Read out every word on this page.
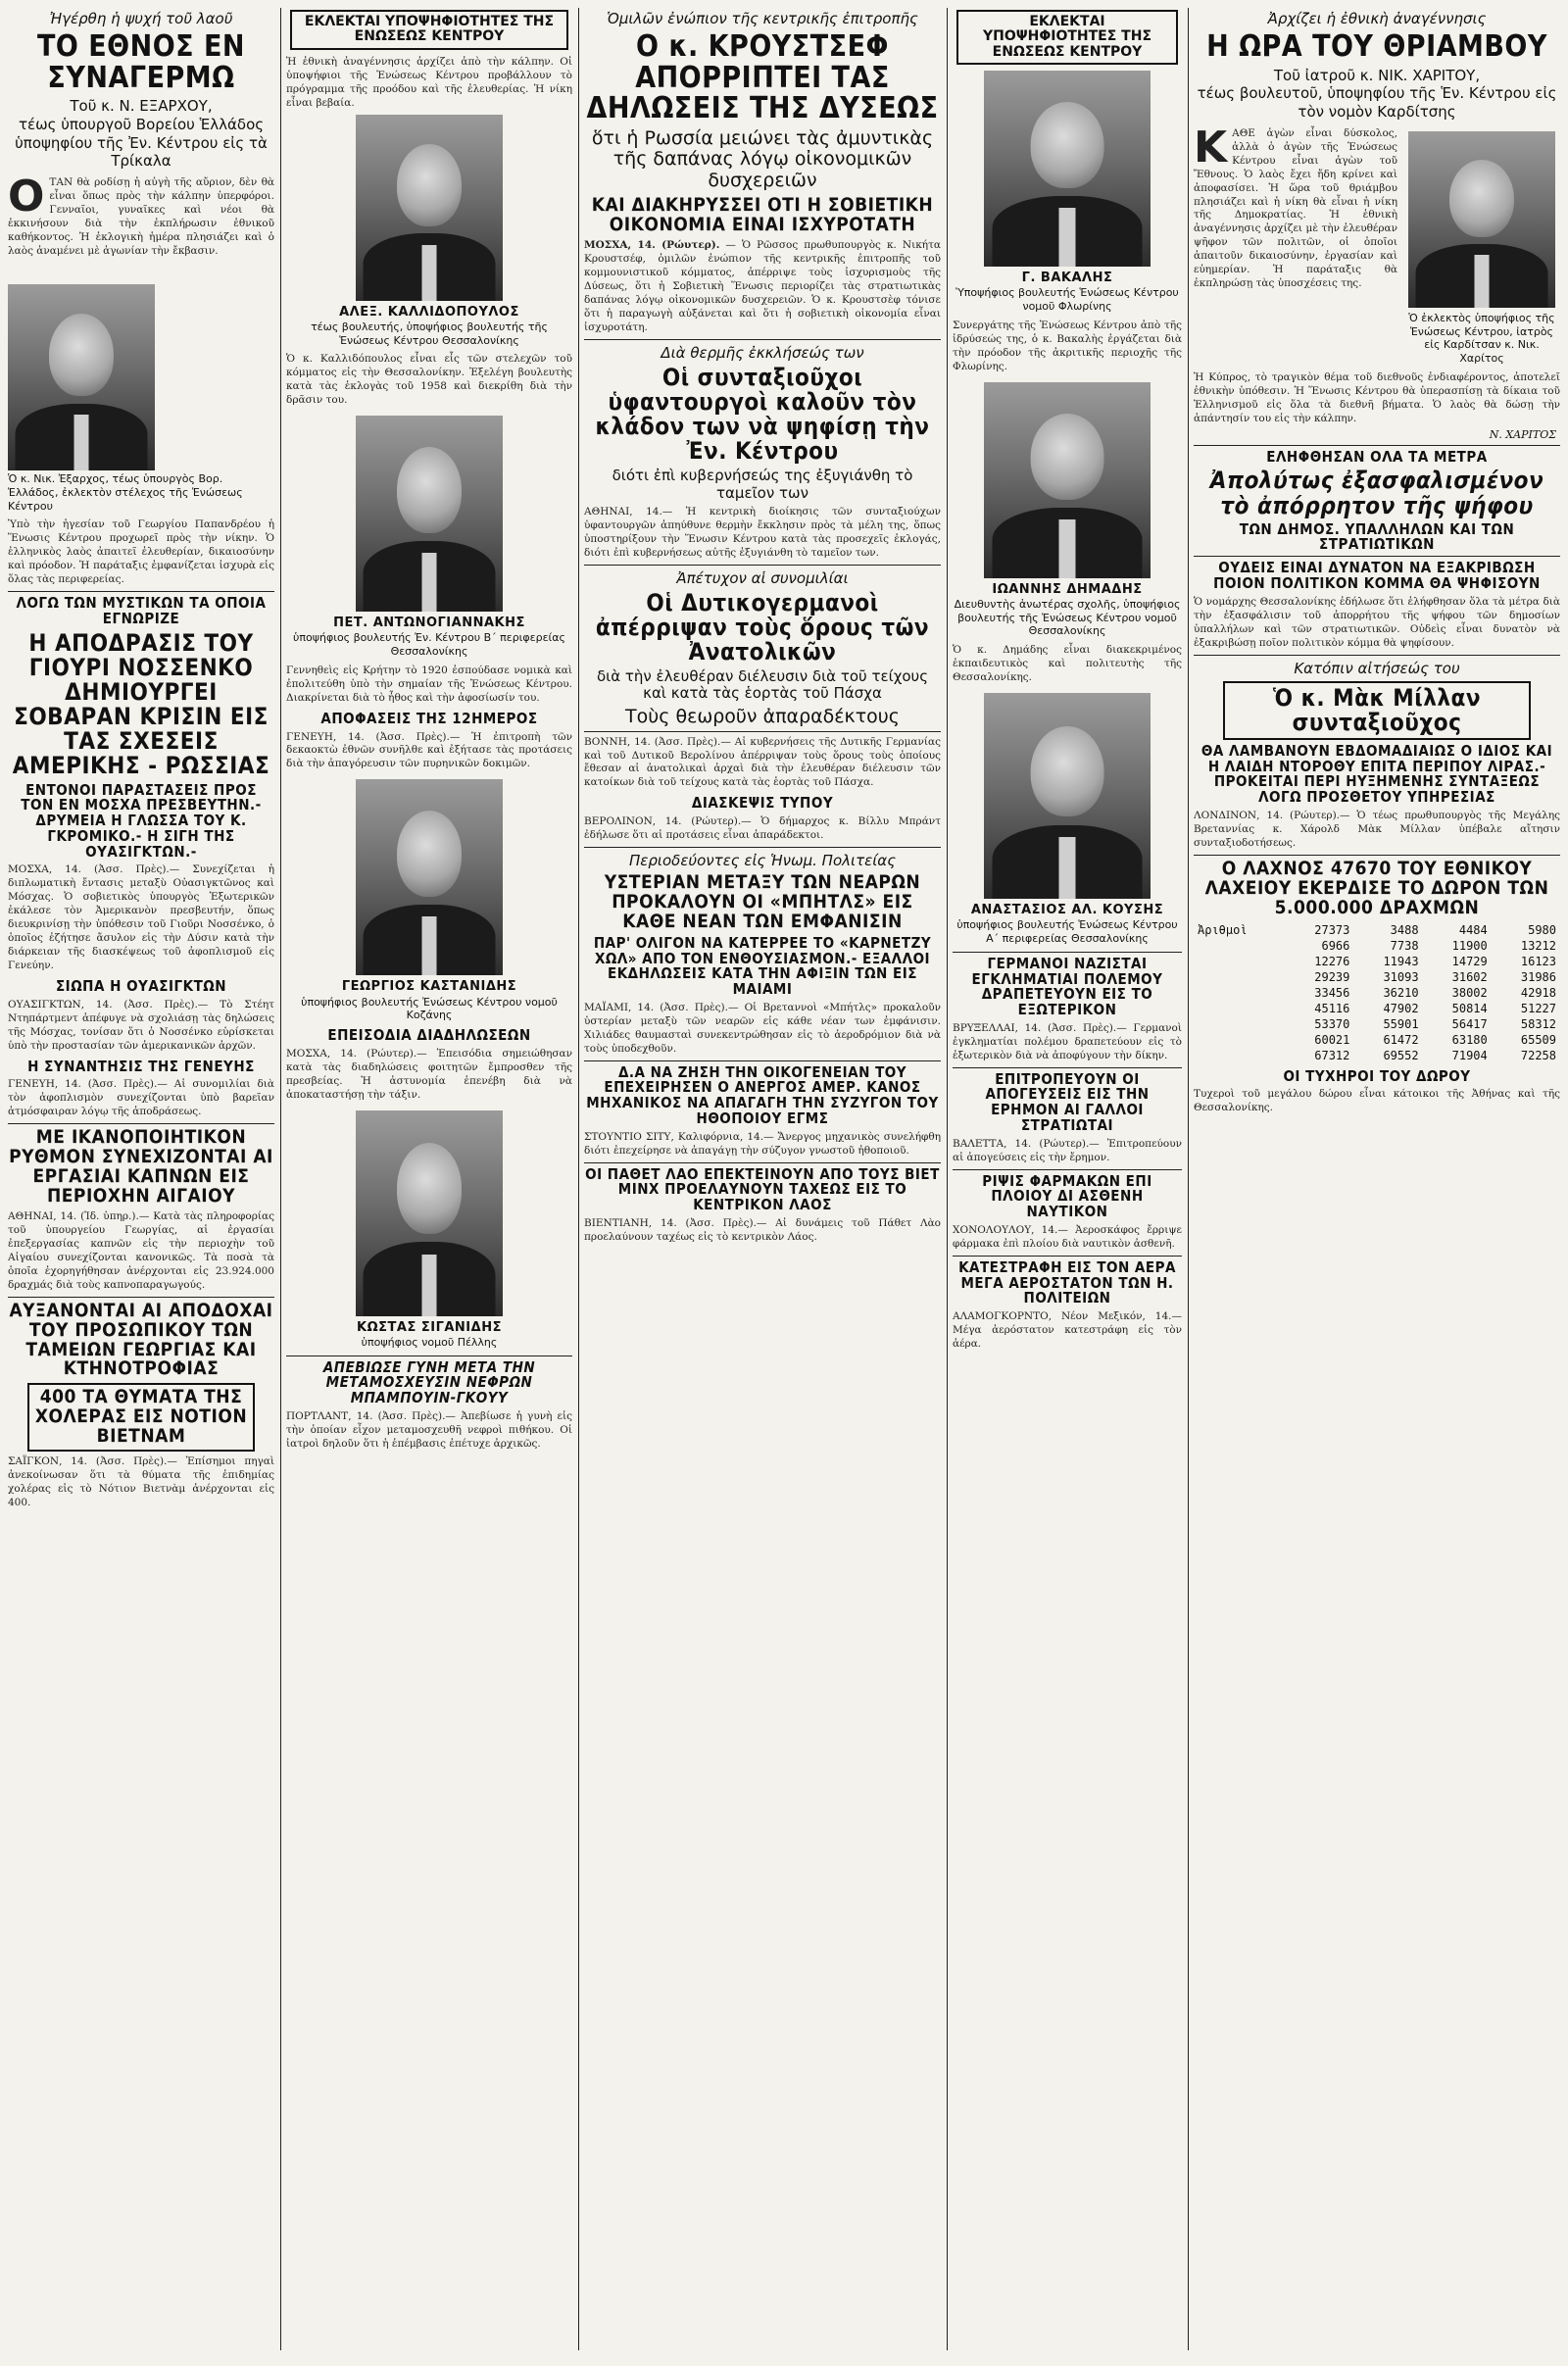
Ἠγέρθη ἡ ψυχή τοῦ λαοῦ
ΤΟ ΕΘΝΟΣ ΕΝ ΣΥΝΑΓΕΡΜΩ
Τοῦ κ. Ν. ΕΞΑΡΧΟΥ,
τέως ὑπουργοῦ Βορείου Ἑλλάδος
ὑποψηφίου τῆς Ἐν. Κέντρου εἰς τὰ Τρίκαλα

ΟΤΑΝ θὰ ροδίσῃ ἡ αὐγὴ τῆς αὔριον, δὲν θὰ εἶναι ὅπως πρὸς τὴν κάλπην ὑπερφόροι. Γενναῖοι, γυναῖκες καὶ νέοι θὰ ἐκκινήσουν διὰ τὴν ἐκπλήρωσιν ἐθνικοῦ καθήκοντος. Ἡ ἐκλογικὴ ἡμέρα πλησιάζει καὶ ὁ λαὸς ἀναμένει μὲ ἀγωνίαν τὴν ἔκβασιν.

Ὁ κ. Νικ. Ἐξαρχος, τέως ὑπουργὸς Βορ. Ἑλλάδος, ἐκλεκτὸν στέλεχος τῆς Ἑνώσεως Κέντρου

Ὑπὸ τὴν ἡγεσίαν τοῦ Γεωργίου Παπανδρέου ἡ Ἕνωσις Κέντρου προχωρεῖ πρὸς τὴν νίκην. Ὁ ἑλληνικὸς λαὸς ἀπαιτεῖ ἐλευθερίαν, δικαιοσύνην καὶ πρόοδον. Ἡ παράταξις ἐμφανίζεται ἰσχυρὰ εἰς ὅλας τὰς περιφερείας.

ΛΟΓΩ ΤΩΝ ΜΥΣΤΙΚΩΝ ΤΑ ΟΠΟΙΑ ΕΓΝΩΡΙΖΕ
Η ΑΠΟΔΡΑΣΙΣ ΤΟΥ ΓΙΟΥΡΙ ΝΟΣΣΕΝΚΟ ΔΗΜΙΟΥΡΓΕΙ ΣΟΒΑΡΑΝ ΚΡΙΣΙΝ ΕΙΣ ΤΑΣ ΣΧΕΣΕΙΣ ΑΜΕΡΙΚΗΣ - ΡΩΣΣΙΑΣ
ΕΝΤΟΝΟΙ ΠΑΡΑΣΤΑΣΕΙΣ ΠΡΟΣ ΤΟΝ ΕΝ ΜΟΣΧΑ ΠΡΕΣΒΕΥΤΗΝ.- ΔΡΥΜΕΙΑ Η ΓΛΩΣΣΑ ΤΟΥ Κ. ΓΚΡΟΜΙΚΟ.- Η ΣΙΓΗ ΤΗΣ ΟΥΑΣΙΓΚΤΩΝ.-

ΜΟΣΧΑ, 14. (Ἀσσ. Πρὲς).— Συνεχίζεται ἡ διπλωματικὴ ἔντασις μεταξὺ Οὐασιγκτῶνος καὶ Μόσχας. Ὁ σοβιετικὸς ὑπουργὸς Ἐξωτερικῶν ἐκάλεσε τὸν Ἀμερικανὸν πρεσβευτήν, ὅπως διευκρινίσῃ τὴν ὑπόθεσιν τοῦ Γιοῦρι Νοσσένκο, ὁ ὁποῖος ἐζήτησε ἄσυλον εἰς τὴν Δύσιν κατὰ τὴν διάρκειαν τῆς διασκέψεως τοῦ ἀφοπλισμοῦ εἰς Γενεύην.

ΣΙΩΠΑ Η ΟΥΑΣΙΓΚΤΩΝ

ΟΥΑΣΙΓΚΤΩΝ, 14. (Ἀσσ. Πρὲς).— Τὸ Στέητ Ντηπάρτμεντ ἀπέφυγε νὰ σχολιάσῃ τὰς δηλώσεις τῆς Μόσχας, τονίσαν ὅτι ὁ Νοσσένκο εὑρίσκεται ὑπὸ τὴν προστασίαν τῶν ἀμερικανικῶν ἀρχῶν.

Η ΣΥΝΑΝΤΗΣΙΣ ΤΗΣ ΓΕΝΕΥΗΣ

ΓΕΝΕΥΗ, 14. (Ἀσσ. Πρὲς).— Αἱ συνομιλίαι διὰ τὸν ἀφοπλισμὸν συνεχίζονται ὑπὸ βαρεῖαν ἀτμόσφαιραν λόγῳ τῆς ἀποδράσεως.

ΜΕ ΙΚΑΝΟΠΟΙΗΤΙΚΟΝ ΡΥΘΜΟΝ ΣΥΝΕΧΙΖΟΝΤΑΙ ΑΙ ΕΡΓΑΣΙΑΙ ΚΑΠΝΩΝ ΕΙΣ ΠΕΡΙΟΧΗΝ ΑΙΓΑΙΟΥ

ΑΘΗΝΑΙ, 14. (Ἰδ. ὑπηρ.).— Κατὰ τὰς πληροφορίας τοῦ ὑπουργείου Γεωργίας, αἱ ἐργασίαι ἐπεξεργασίας καπνῶν εἰς τὴν περιοχὴν τοῦ Αἰγαίου συνεχίζονται κανονικῶς. Τὰ ποσὰ τὰ ὁποῖα ἐχορηγήθησαν ἀνέρχονται εἰς 23.924.000 δραχμάς διὰ τοὺς καπνοπαραγωγούς.

ΑΥΞΑΝΟΝΤΑΙ ΑΙ ΑΠΟΔΟΧΑΙ ΤΟΥ ΠΡΟΣΩΠΙΚΟΥ ΤΩΝ ΤΑΜΕΙΩΝ ΓΕΩΡΓΙΑΣ ΚΑΙ ΚΤΗΝΟΤΡΟΦΙΑΣ
400 ΤΑ ΘΥΜΑΤΑ ΤΗΣ ΧΟΛΕΡΑΣ ΕΙΣ ΝΟΤΙΟΝ ΒΙΕΤΝΑΜ

ΣΑΪΓΚΟΝ, 14. (Ἀσσ. Πρὲς).— Ἐπίσημοι πηγαὶ ἀνεκοίνωσαν ὅτι τὰ θύματα τῆς ἐπιδημίας χολέρας εἰς τὸ Νότιον Βιετνὰμ ἀνέρχονται εἰς 400.

ΕΚΛΕΚΤΑΙ ΥΠΟΨΗΦΙΟΤΗΤΕΣ ΤΗΣ ΕΝΩΣΕΩΣ ΚΕΝΤΡΟΥ

Ἡ ἐθνικὴ ἀναγέννησις ἀρχίζει ἀπὸ τὴν κάλπην. Οἱ ὑποψήφιοι τῆς Ἑνώσεως Κέντρου προβάλλουν τὸ πρόγραμμα τῆς προόδου καὶ τῆς ἐλευθερίας. Ἡ νίκη εἶναι βεβαία.

ΑΛΕΞ. ΚΑΛΛΙΔΟΠΟΥΛΟΣ
τέως βουλευτής, ὑποψήφιος βουλευτής τῆς Ἑνώσεως Κέντρου Θεσσαλονίκης

Ὁ κ. Καλλιδόπουλος εἶναι εἷς τῶν στελεχῶν τοῦ κόμματος εἰς τὴν Θεσσαλονίκην. Ἐξελέγη βουλευτὴς κατὰ τὰς ἐκλογὰς τοῦ 1958 καὶ διεκρίθη διὰ τὴν δρᾶσιν του.

ΠΕΤ. ΑΝΤΩΝΟΓΙΑΝΝΑΚΗΣ
ὑποψήφιος βουλευτής Ἐν. Κέντρου Β΄ περιφερείας Θεσσαλονίκης

Γεννηθεὶς εἰς Κρήτην τὸ 1920 ἐσπούδασε νομικὰ καὶ ἐπολιτεύθη ὑπὸ τὴν σημαίαν τῆς Ἑνώσεως Κέντρου. Διακρίνεται διὰ τὸ ἦθος καὶ τὴν ἀφοσίωσίν του.

ΑΠΟΦΑΣΕΙΣ ΤΗΣ 12ΗΜΕΡΟΣ

ΓΕΝΕΥΗ, 14. (Ἀσσ. Πρὲς).— Ἡ ἐπιτροπὴ τῶν δεκαοκτὼ ἐθνῶν συνῆλθε καὶ ἐξήτασε τὰς προτάσεις διὰ τὴν ἀπαγόρευσιν τῶν πυρηνικῶν δοκιμῶν.

ΓΕΩΡΓΙΟΣ ΚΑΣΤΑΝΙΔΗΣ
ὑποψήφιος βουλευτής Ἑνώσεως Κέντρου νομοῦ Κοζάνης
ΕΠΕΙΣΟΔΙΑ ΔΙΑΔΗΛΩΣΕΩΝ

ΜΟΣΧΑ, 14. (Ρώυτερ).— Ἐπεισόδια σημειώθησαν κατὰ τὰς διαδηλώσεις φοιτητῶν ἔμπροσθεν τῆς πρεσβείας. Ἡ ἀστυνομία ἐπενέβη διὰ νὰ ἀποκαταστήσῃ τὴν τάξιν.

ΚΩΣΤΑΣ ΣΙΓΑΝΙΔΗΣ
ὑποψήφιος νομοῦ Πέλλης
ΑΠΕΒΙΩΣΕ ΓΥΝΗ ΜΕΤΑ ΤΗΝ ΜΕΤΑΜΟΣΧΕΥΣΙΝ ΝΕΦΡΩΝ ΜΠΑΜΠΟΥΙΝ-ΓΚΟΥΥ

ΠΟΡΤΛΑΝΤ, 14. (Ἀσσ. Πρὲς).— Ἀπεβίωσε ἡ γυνὴ εἰς τὴν ὁποίαν εἶχον μεταμοσχευθῆ νεφροὶ πιθήκου. Οἱ ἰατροὶ δηλοῦν ὅτι ἡ ἐπέμβασις ἐπέτυχε ἀρχικῶς.

Ὁμιλῶν ἐνώπιον τῆς κεντρικῆς ἐπιτροπῆς
Ο κ. ΚΡΟΥΣΤΣΕΦ ΑΠΟΡΡΙΠΤΕΙ ΤΑΣ ΔΗΛΩΣΕΙΣ ΤΗΣ ΔΥΣΕΩΣ
ὅτι ἡ Ρωσσία μειώνει τὰς ἀμυντικὰς τῆς δαπάνας λόγῳ οἰκονομικῶν δυσχερειῶν
ΚΑΙ ΔΙΑΚΗΡΥΣΣΕΙ ΟΤΙ Η ΣΟΒΙΕΤΙΚΗ ΟΙΚΟΝΟΜΙΑ ΕΙΝΑΙ ΙΣΧΥΡΟΤΑΤΗ

ΜΟΣΧΑ, 14. (Ρώυτερ). — Ὁ Ρῶσσος πρωθυπουργὸς κ. Νικήτα Κρουστσέφ, ὁμιλῶν ἐνώπιον τῆς κεντρικῆς ἐπιτροπῆς τοῦ κομμουνιστικοῦ κόμματος, ἀπέρριψε τοὺς ἰσχυρισμοὺς τῆς Δύσεως, ὅτι ἡ Σοβιετικὴ Ἕνωσις περιορίζει τὰς στρατιωτικὰς δαπάνας λόγῳ οἰκονομικῶν δυσχερειῶν. Ὁ κ. Κρουστσὲφ τόνισε ὅτι ἡ παραγωγὴ αὐξάνεται καὶ ὅτι ἡ σοβιετικὴ οἰκονομία εἶναι ἰσχυροτάτη.

Διὰ θερμῆς ἐκκλήσεώς των
Οἱ συνταξιοῦχοι ὑφαντουργοὶ καλοῦν τὸν κλάδον των νὰ ψηφίσῃ τὴν Ἐν. Κέντρου
διότι ἐπὶ κυβερνήσεώς της ἐξυγιάνθη τὸ ταμεῖον των

ΑΘΗΝΑΙ, 14.— Ἡ κεντρικὴ διοίκησις τῶν συνταξιούχων ὑφαντουργῶν ἀπηύθυνε θερμὴν ἔκκλησιν πρὸς τὰ μέλη της, ὅπως ὑποστηρίξουν τὴν Ἕνωσιν Κέντρου κατὰ τὰς προσεχεῖς ἐκλογάς, διότι ἐπὶ κυβερνήσεως αὐτῆς ἐξυγιάνθη τὸ ταμεῖον των.

Ἀπέτυχον αἱ συνομιλίαι
Οἱ Δυτικογερμανοὶ ἀπέρριψαν τοὺς ὅρους τῶν Ἀνατολικῶν
διὰ τὴν ἐλευθέραν διέλευσιν διὰ τοῦ τείχους καὶ κατὰ τὰς ἑορτὰς τοῦ Πάσχα
Τοὺς θεωροῦν ἀπαραδέκτους

ΒΟΝΝΗ, 14. (Ἀσσ. Πρὲς).— Αἱ κυβερνήσεις τῆς Δυτικῆς Γερμανίας καὶ τοῦ Δυτικοῦ Βερολίνου ἀπέρριψαν τοὺς ὅρους τοὺς ὁποίους ἔθεσαν αἱ ἀνατολικαὶ ἀρχαὶ διὰ τὴν ἐλευθέραν διέλευσιν τῶν κατοίκων διὰ τοῦ τείχους κατὰ τὰς ἑορτὰς τοῦ Πάσχα.

ΔΙΑΣΚΕΨΙΣ ΤΥΠΟΥ

ΒΕΡΟΛΙΝΟΝ, 14. (Ρώυτερ).— Ὁ δήμαρχος κ. Βίλλυ Μπράντ ἐδήλωσε ὅτι αἱ προτάσεις εἶναι ἀπαράδεκτοι.

Περιοδεύοντες εἰς Ἡνωμ. Πολιτείας
ΥΣΤΕΡΙΑΝ ΜΕΤΑΞΥ ΤΩΝ ΝΕΑΡΩΝ ΠΡΟΚΑΛΟΥΝ ΟΙ «ΜΠΗΤΛΣ» ΕΙΣ ΚΑΘΕ ΝΕΑΝ ΤΩΝ ΕΜΦΑΝΙΣΙΝ
ΠΑΡ' ΟΛΙΓΟΝ ΝΑ ΚΑΤΕΡΡΕΕ ΤΟ «ΚΑΡΝΕΤΖΥ ΧΩΛ» ΑΠΟ ΤΟΝ ΕΝΘΟΥΣΙΑΣΜΟΝ.- ΕΞΑΛΛΟΙ ΕΚΔΗΛΩΣΕΙΣ ΚΑΤΑ ΤΗΝ ΑΦΙΞΙΝ ΤΩΝ ΕΙΣ ΜΑΙΑΜΙ

ΜΑΪΑΜΙ, 14. (Ἀσσ. Πρὲς).— Οἱ Βρεταννοὶ «Μπήτλς» προκαλοῦν ὑστερίαν μεταξὺ τῶν νεαρῶν εἰς κάθε νέαν των ἐμφάνισιν. Χιλιάδες θαυμασταὶ συνεκεντρώθησαν εἰς τὸ ἀεροδρόμιον διὰ νὰ τοὺς ὑποδεχθοῦν.

Δ.Α ΝΑ ΖΗΣΗ ΤΗΝ ΟΙΚΟΓΕΝΕΙΑΝ ΤΟΥ ΕΠΕΧΕΙΡΗΣΕΝ Ο ΑΝΕΡΓΟΣ ΑΜΕΡ. ΚΑΝΟΣ ΜΗΧΑΝΙΚΟΣ ΝΑ ΑΠΑΓΑΓΗ ΤΗΝ ΣΥΖΥΓΟΝ ΤΟΥ ΗΘΟΠΟΙΟΥ ΕΓΜΣ

ΣΤΟΥΝΤΙΟ ΣΙΤΥ, Καλιφόρνια, 14.— Ἄνεργος μηχανικὸς συνελήφθη διότι ἐπεχείρησε νὰ ἀπαγάγῃ τὴν σύζυγον γνωστοῦ ἠθοποιοῦ.

ΟΙ ΠΑΘΕΤ ΛΑΟ ΕΠΕΚΤΕΙΝΟΥΝ ΑΠΟ ΤΟΥΣ ΒΙΕΤ ΜΙΝΧ ΠΡΟΕΛΑΥΝΟΥΝ ΤΑΧΕΩΣ ΕΙΣ ΤΟ ΚΕΝΤΡΙΚΟΝ ΛΑΟΣ

ΒΙΕΝΤΙΑΝΗ, 14. (Ἀσσ. Πρὲς).— Αἱ δυνάμεις τοῦ Πάθετ Λὰο προελαύνουν ταχέως εἰς τὸ κεντρικὸν Λάος.

ΕΚΛΕΚΤΑΙ ΥΠΟΨΗΦΙΟΤΗΤΕΣ ΤΗΣ ΕΝΩΣΕΩΣ ΚΕΝΤΡΟΥ
Γ. ΒΑΚΑΛΗΣ
Ὑποψήφιος βουλευτής Ἑνώσεως Κέντρου νομοῦ Φλωρίνης

Συνεργάτης τῆς Ἑνώσεως Κέντρου ἀπὸ τῆς ἱδρύσεώς της, ὁ κ. Βακαλὴς ἐργάζεται διὰ τὴν πρόοδον τῆς ἀκριτικῆς περιοχῆς τῆς Φλωρίνης.

ΙΩΑΝΝΗΣ ΔΗΜΑΔΗΣ
Διευθυντὴς ἀνωτέρας σχολῆς, ὑποψήφιος βουλευτής τῆς Ἑνώσεως Κέντρου νομοῦ Θεσσαλονίκης

Ὁ κ. Δημάδης εἶναι διακεκριμένος ἐκπαιδευτικὸς καὶ πολιτευτὴς τῆς Θεσσαλονίκης.

ΑΝΑΣΤΑΣΙΟΣ ΑΛ. ΚΟΥΣΗΣ
ὑποψήφιος βουλευτής Ἑνώσεως Κέντρου Α΄ περιφερείας Θεσσαλονίκης
ΓΕΡΜΑΝΟΙ ΝΑΖΙΣΤΑΙ ΕΓΚΛΗΜΑΤΙΑΙ ΠΟΛΕΜΟΥ ΔΡΑΠΕΤΕΥΟΥΝ ΕΙΣ ΤΟ ΕΞΩΤΕΡΙΚΟΝ

ΒΡΥΞΕΛΛΑΙ, 14. (Ἀσσ. Πρὲς).— Γερμανοὶ ἐγκληματίαι πολέμου δραπετεύουν εἰς τὸ ἐξωτερικὸν διὰ νὰ ἀποφύγουν τὴν δίκην.

ΕΠΙΤΡΟΠΕΥΟΥΝ ΟΙ ΑΠΟΓΕΥΣΕΙΣ ΕΙΣ ΤΗΝ ΕΡΗΜΟΝ ΑΙ ΓΑΛΛΟΙ ΣΤΡΑΤΙΩΤΑΙ

ΒΑΛΕΤΤΑ, 14. (Ρώυτερ).— Ἐπιτροπεύουν αἱ ἀπογεύσεις εἰς τὴν ἔρημον.

ΡΙΨΙΣ ΦΑΡΜΑΚΩΝ ΕΠΙ ΠΛΟΙΟΥ ΔΙ ΑΣΘΕΝΗ ΝΑΥΤΙΚΟΝ

ΧΟΝΟΛΟΥΛΟΥ, 14.— Ἀεροσκάφος ἔρριψε φάρμακα ἐπὶ πλοίου διὰ ναυτικὸν ἀσθενῆ.

ΚΑΤΕΣΤΡΑΦΗ ΕΙΣ ΤΟΝ ΑΕΡΑ ΜΕΓΑ ΑΕΡΟΣΤΑΤΟΝ ΤΩΝ Η. ΠΟΛΙΤΕΙΩΝ

ΑΛΑΜΟΓΚΟΡΝΤΟ, Νέον Μεξικόν, 14.— Μέγα ἀερόστατον κατεστράφη εἰς τὸν ἀέρα.

Ἀρχίζει ἡ ἐθνικὴ ἀναγέννησις
Η ΩΡΑ ΤΟΥ ΘΡΙΑΜΒΟΥ
Τοῦ ἰατροῦ κ. ΝΙΚ. ΧΑΡΙΤΟΥ,
τέως βουλευτοῦ, ὑποψηφίου τῆς Ἑν. Κέντρου εἰς τὸν νομὸν Καρδίτσης
Ὁ ἐκλεκτὸς ὑποψήφιος τῆς Ἑνώσεως Κέντρου, ἰατρὸς εἰς Καρδίτσαν κ. Νικ. Χαρίτος

ΚΑΘΕ ἀγὼν εἶναι δύσκολος, ἀλλὰ ὁ ἀγὼν τῆς Ἑνώσεως Κέντρου εἶναι ἀγὼν τοῦ Ἔθνους. Ὁ λαὸς ἔχει ἤδη κρίνει καὶ ἀποφασίσει. Ἡ ὥρα τοῦ θριάμβου πλησιάζει καὶ ἡ νίκη θὰ εἶναι ἡ νίκη τῆς Δημοκρατίας. Ἡ ἐθνικὴ ἀναγέννησις ἀρχίζει μὲ τὴν ἐλευθέραν ψῆφον τῶν πολιτῶν, οἱ ὁποῖοι ἀπαιτοῦν δικαιοσύνην, ἐργασίαν καὶ εὐημερίαν. Ἡ παράταξις θὰ ἐκπληρώσῃ τὰς ὑποσχέσεις της.

Ἡ Κύπρος, τὸ τραγικὸν θέμα τοῦ διεθνοῦς ἐνδιαφέροντος, ἀποτελεῖ ἐθνικὴν ὑπόθεσιν. Ἡ Ἕνωσις Κέντρου θὰ ὑπερασπίσῃ τὰ δίκαια τοῦ Ἑλληνισμοῦ εἰς ὅλα τὰ διεθνῆ βήματα. Ὁ λαὸς θὰ δώσῃ τὴν ἀπάντησίν του εἰς τὴν κάλπην.

Ν. ΧΑΡΙΤΟΣ
ΕΛΗΦΘΗΣΑΝ ΟΛΑ ΤΑ ΜΕΤΡΑ
Ἀπολύτως ἐξασφαλισμένον τὸ ἀπόρρητον τῆς ψήφου
ΤΩΝ ΔΗΜΟΣ. ΥΠΑΛΛΗΛΩΝ ΚΑΙ ΤΩΝ ΣΤΡΑΤΙΩΤΙΚΩΝ
ΟΥΔΕΙΣ ΕΙΝΑΙ ΔΥΝΑΤΟΝ ΝΑ ΕΞΑΚΡΙΒΩΣΗ ΠΟΙΟΝ ΠΟΛΙΤΙΚΟΝ ΚΟΜΜΑ ΘΑ ΨΗΦΙΣΟΥΝ

Ὁ νομάρχης Θεσσαλονίκης ἐδήλωσε ὅτι ἐλήφθησαν ὅλα τὰ μέτρα διὰ τὴν ἐξασφάλισιν τοῦ ἀπορρήτου τῆς ψήφου τῶν δημοσίων ὑπαλλήλων καὶ τῶν στρατιωτικῶν. Οὐδεὶς εἶναι δυνατὸν νὰ ἐξακριβώσῃ ποῖον πολιτικὸν κόμμα θὰ ψηφίσουν.

Κατόπιν αἰτήσεώς του
Ὁ κ. Μὰκ Μίλλαν συνταξιοῦχος
ΘΑ ΛΑΜΒΑΝΟΥΝ ΕΒΔΟΜΑΔΙΑΙΩΣ Ο ΙΔΙΟΣ ΚΑΙ Η ΛΑΙΔΗ ΝΤΟΡΟΘΥ ΕΠΙΤΑ ΠΕΡΙΠΟΥ ΛΙΡΑΣ.- ΠΡΟΚΕΙΤΑΙ ΠΕΡΙ ΗΥΞΗΜΕΝΗΣ ΣΥΝΤΑΞΕΩΣ ΛΟΓΩ ΠΡΟΣΘΕΤΟΥ ΥΠΗΡΕΣΙΑΣ

ΛΟΝΔΙΝΟΝ, 14. (Ρώυτερ).— Ὁ τέως πρωθυπουργὸς τῆς Μεγάλης Βρεταννίας κ. Χάρολδ Μὰκ Μίλλαν ὑπέβαλε αἴτησιν συνταξιοδοτήσεως.

Ο ΛΑΧΝΟΣ 47670 ΤΟΥ ΕΘΝΙΚΟΥ ΛΑΧΕΙΟΥ ΕΚΕΡΔΙΣΕ ΤΟ ΔΩΡΟΝ ΤΩΝ 5.000.000 ΔΡΑΧΜΩΝ
Ἀριθμοὶ	27373	3488	4484	5980
	6966	7738	11900	13212
	12276	11943	14729	16123
	29239	31093	31602	31986
	33456	36210	38002	42918
	45116	47902	50814	51227
	53370	55901	56417	58312
	60021	61472	63180	65509
	67312	69552	71904	72258
ΟΙ ΤΥΧΗΡΟΙ ΤΟΥ ΔΩΡΟΥ

Τυχεροὶ τοῦ μεγάλου δώρου εἶναι κάτοικοι τῆς Ἀθήνας καὶ τῆς Θεσσαλονίκης.
